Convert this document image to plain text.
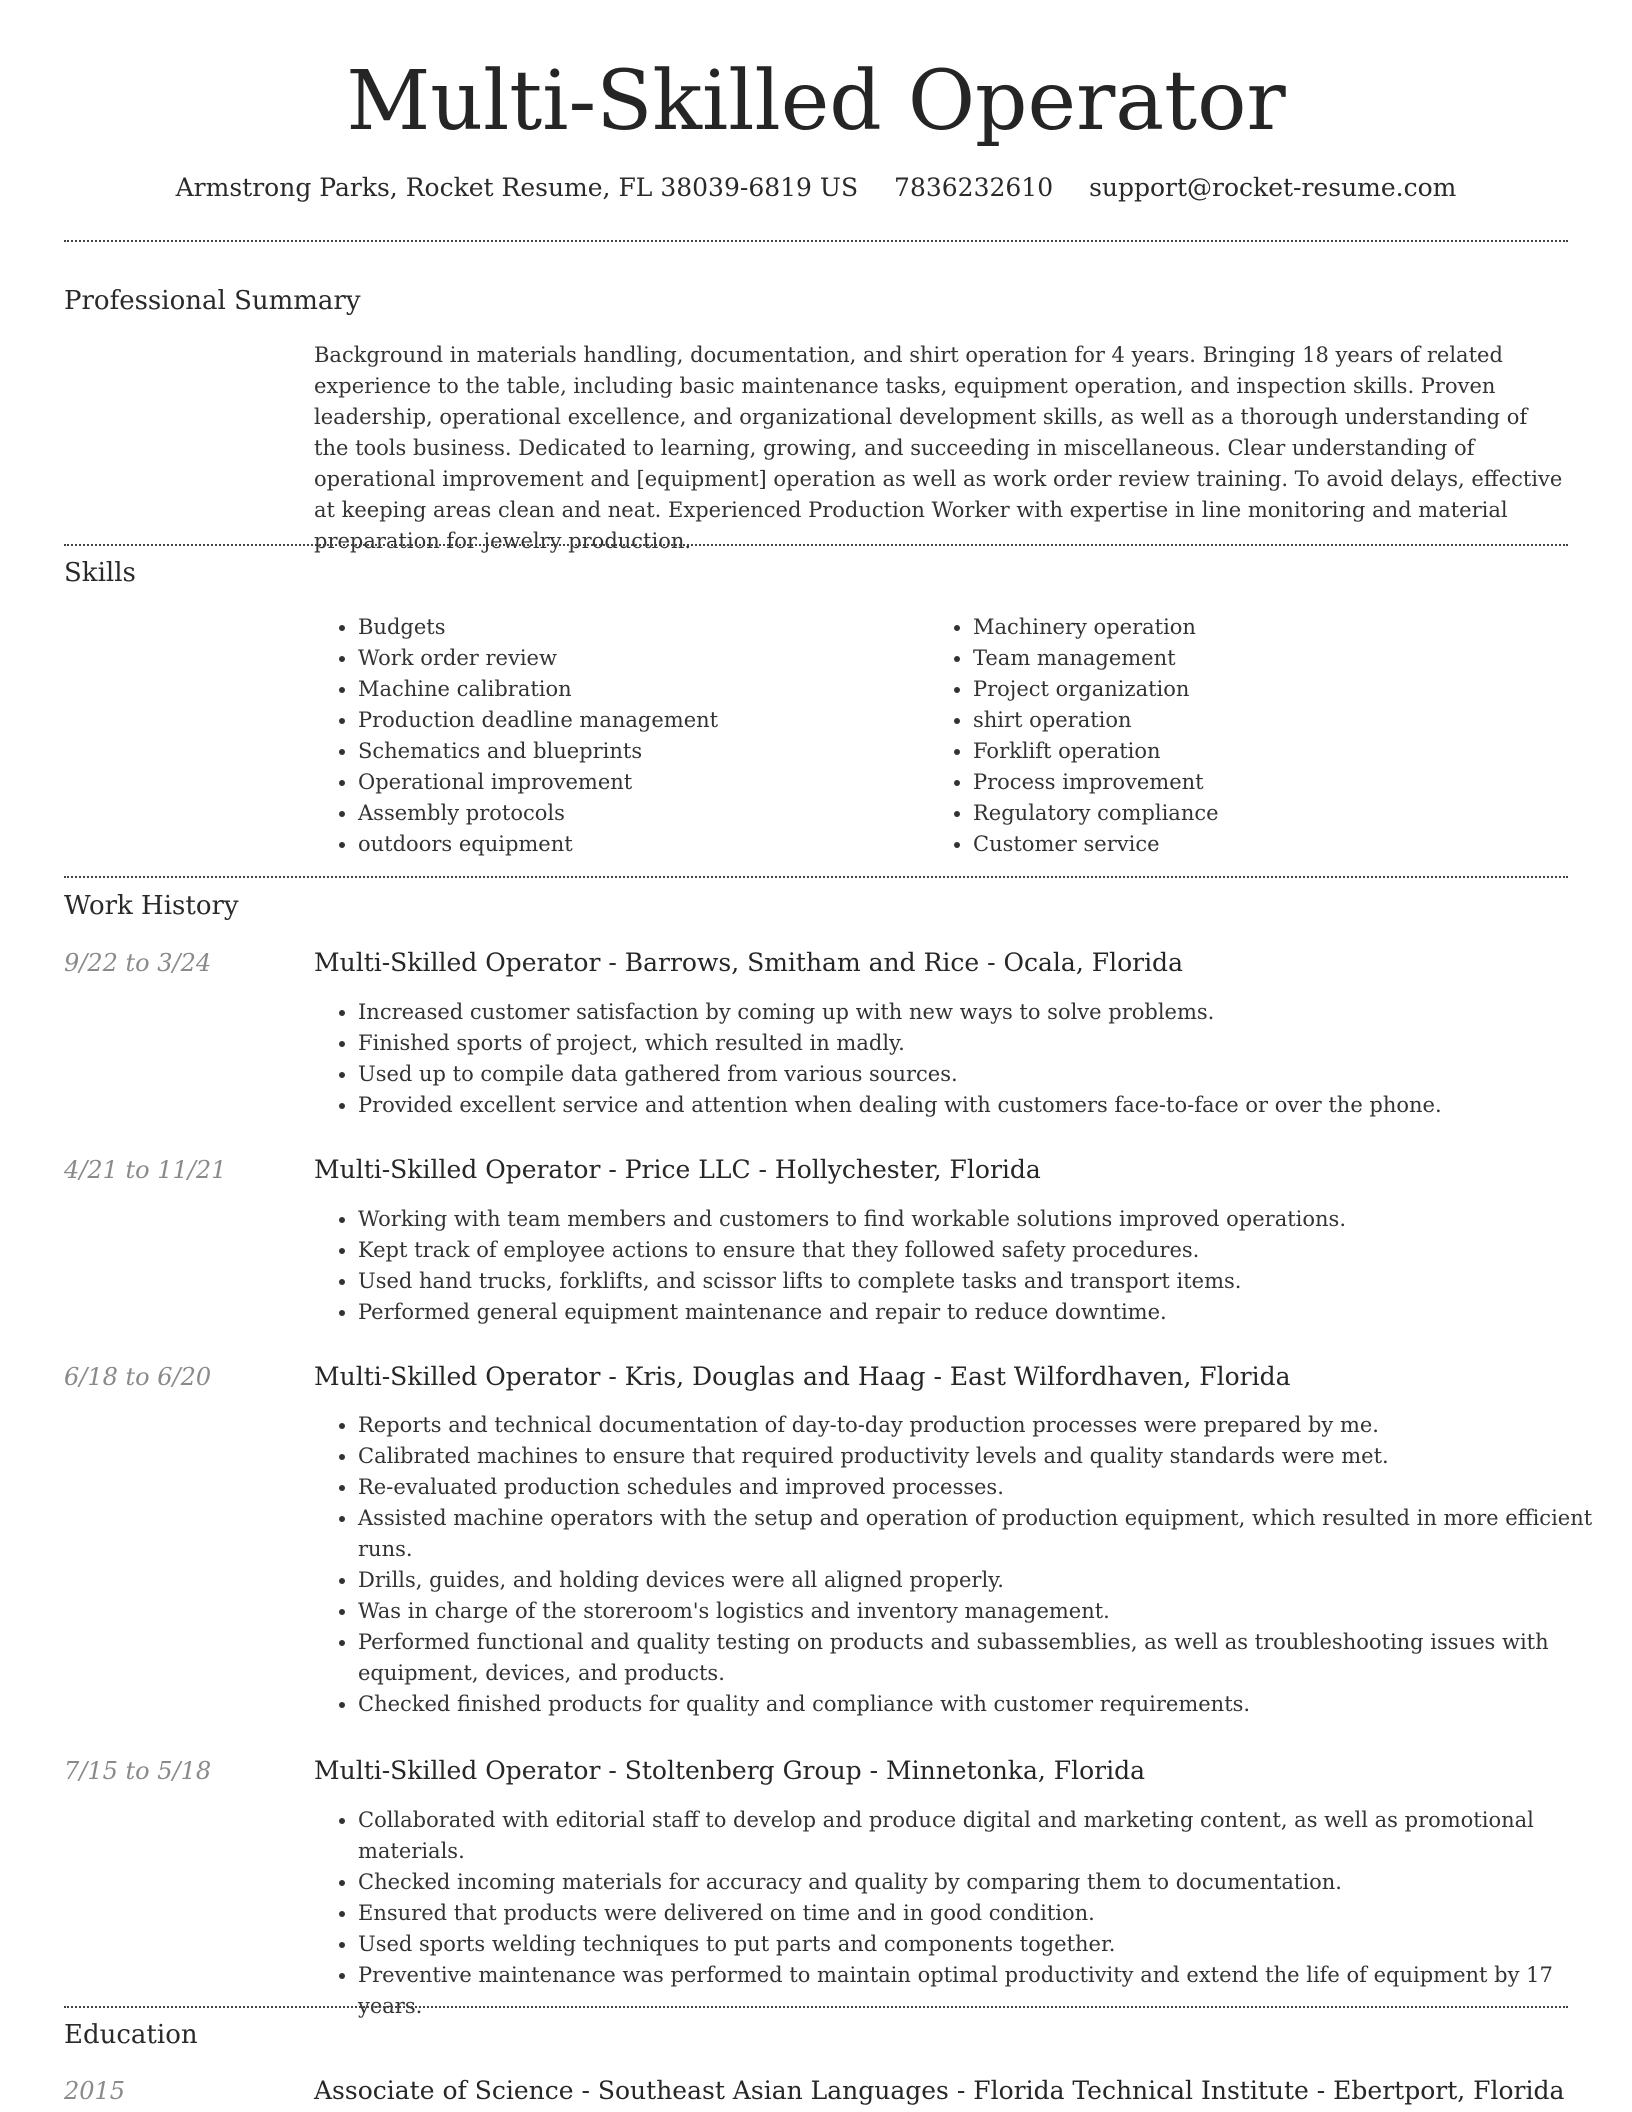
Multi-Skilled Operator
Armstrong Parks, Rocket Resume, FL 38039-6819 US 7836232610 support@rocket-resume.com
Professional Summary

Background in materials handling, documentation, and shirt operation for 4 years. Bringing 18 years of related experience to the table, including basic maintenance tasks, equipment operation, and inspection skills. Proven leadership, operational excellence, and organizational development skills, as well as a thorough understanding of the tools business. Dedicated to learning, growing, and succeeding in miscellaneous. Clear understanding of operational improvement and [equipment] operation as well as work order review training. To avoid delays, effective at keeping areas clean and neat. Experienced Production Worker with expertise in line monitoring and material preparation for jewelry production.

Skills
• Budgets
• Work order review
• Machine calibration
• Production deadline management
• Schematics and blueprints
• Operational improvement
• Assembly protocols
• outdoors equipment
• Machinery operation
• Team management
• Project organization
• shirt operation
• Forklift operation
• Process improvement
• Regulatory compliance
• Customer service
Work History
9/22 to 3/24	Multi-Skilled Operator - Barrows, Smitham and Rice - Ocala, Florida
• Increased customer satisfaction by coming up with new ways to solve problems.
• Finished sports of project, which resulted in madly.
• Used up to compile data gathered from various sources.
• Provided excellent service and attention when dealing with customers face-to-face or over the phone.
4/21 to 11/21	Multi-Skilled Operator - Price LLC - Hollychester, Florida
• Working with team members and customers to find workable solutions improved operations.
• Kept track of employee actions to ensure that they followed safety procedures.
• Used hand trucks, forklifts, and scissor lifts to complete tasks and transport items.
• Performed general equipment maintenance and repair to reduce downtime.
6/18 to 6/20	Multi-Skilled Operator - Kris, Douglas and Haag - East Wilfordhaven, Florida
• Reports and technical documentation of day-to-day production processes were prepared by me.
• Calibrated machines to ensure that required productivity levels and quality standards were met.
• Re-evaluated production schedules and improved processes.
• Assisted machine operators with the setup and operation of production equipment, which resulted in more efficient runs.
• Drills, guides, and holding devices were all aligned properly.
• Was in charge of the storeroom's logistics and inventory management.
• Performed functional and quality testing on products and subassemblies, as well as troubleshooting issues with equipment, devices, and products.
• Checked finished products for quality and compliance with customer requirements.
7/15 to 5/18	Multi-Skilled Operator - Stoltenberg Group - Minnetonka, Florida
• Collaborated with editorial staff to develop and produce digital and marketing content, as well as promotional materials.
• Checked incoming materials for accuracy and quality by comparing them to documentation.
• Ensured that products were delivered on time and in good condition.
• Used sports welding techniques to put parts and components together.
• Preventive maintenance was performed to maintain optimal productivity and extend the life of equipment by 17 years.
Education
2015	Associate of Science - Southeast Asian Languages - Florida Technical Institute - Ebertport, Florida
